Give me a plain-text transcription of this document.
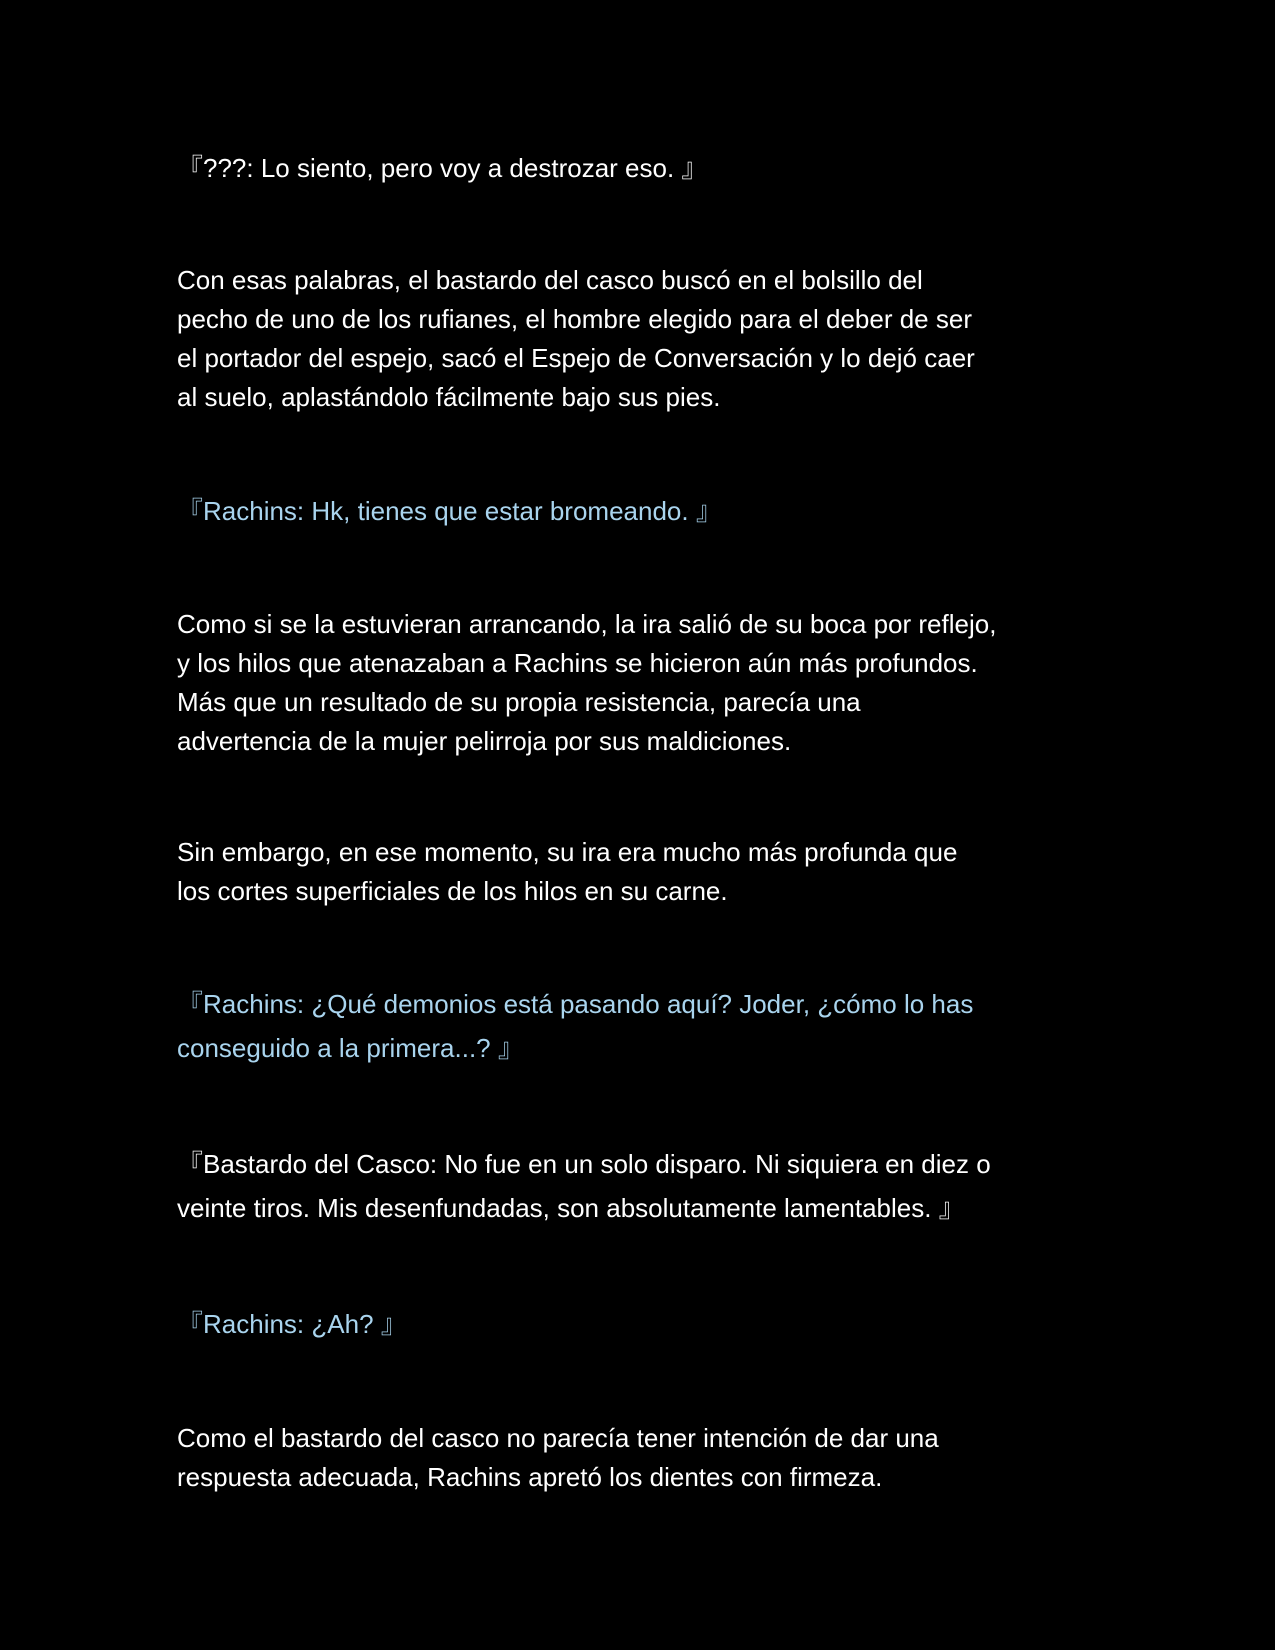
『???: Lo siento, pero voy a destrozar eso. 』

Con esas palabras, el bastardo del casco buscó en el bolsillo del
pecho de uno de los rufianes, el hombre elegido para el deber de ser
el portador del espejo, sacó el Espejo de Conversación y lo dejó caer
al suelo, aplastándolo fácilmente bajo sus pies.

『Rachins: Hk, tienes que estar bromeando. 』

Como si se la estuvieran arrancando, la ira salió de su boca por reflejo,
y los hilos que atenazaban a Rachins se hicieron aún más profundos.
Más que un resultado de su propia resistencia, parecía una
advertencia de la mujer pelirroja por sus maldiciones.

Sin embargo, en ese momento, su ira era mucho más profunda que
los cortes superficiales de los hilos en su carne.

『Rachins: ¿Qué demonios está pasando aquí? Joder, ¿cómo lo has
conseguido a la primera...? 』

『Bastardo del Casco: No fue en un solo disparo. Ni siquiera en diez o
veinte tiros. Mis desenfundadas, son absolutamente lamentables. 』

『Rachins: ¿Ah? 』

Como el bastardo del casco no parecía tener intención de dar una
respuesta adecuada, Rachins apretó los dientes con firmeza.
